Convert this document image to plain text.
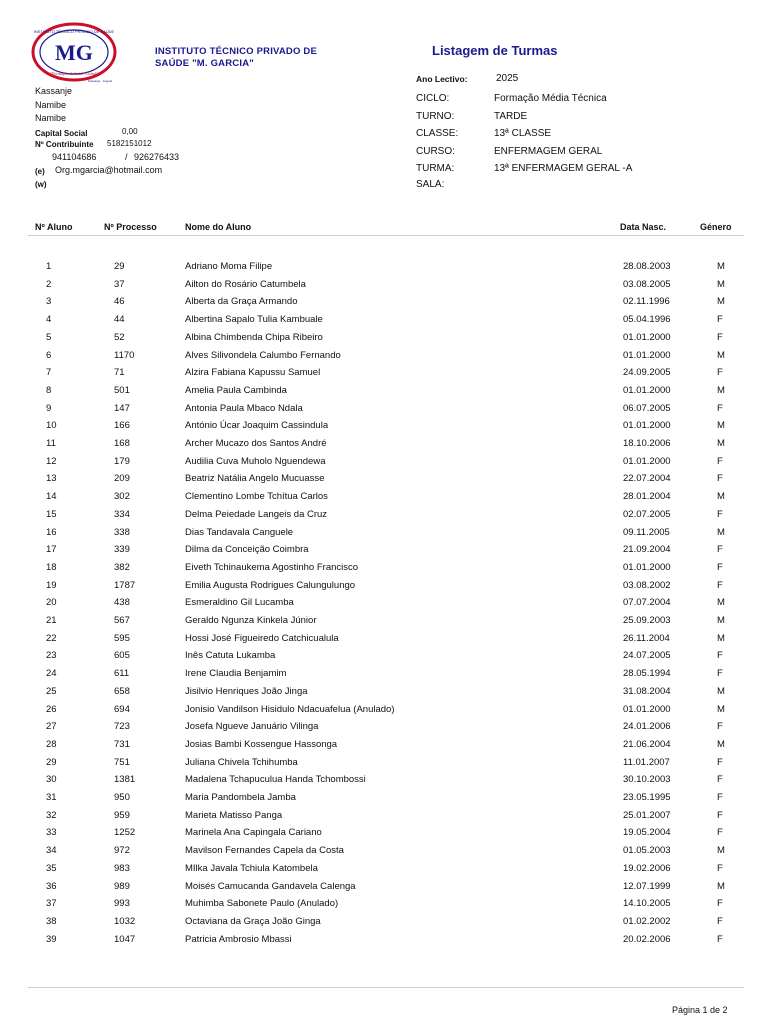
MG
INSTITUTO TÉCNICO PRIVADO DE SAÚDE
"Formação de Saúde Global"
Kassanje · Angola
INSTITUTO TÉCNICO PRIVADO DE
SAÚDE "M. GARCIA"
Listagem de Turmas
Kassanje
Namibe
Namibe
Capital Social	0,00
Nº Contribuinte 5182151012
941104686	/ 926276433
(e) Org.mgarcia@hotmail.com
(w)
Ano Lectivo:	2025
CICLO:	Formação Média Técnica
TURNO:	TARDE
CLASSE:	13ª CLASSE
CURSO:	ENFERMAGEM GERAL
TURMA:	13ª ENFERMAGEM GERAL -A
SALA:
Nº Aluno	Nº Processo	Nome do Aluno	Data Nasc.	Género
1	29	Adriano Moma Filipe	28.08.2003	M
2	37	Ailton do Rosário Catumbela	03.08.2005	M
3	46	Alberta da Graça Armando	02.11.1996	M
4	44	Albertina Sapalo Tulia Kambuale	05.04.1996	F
5	52	Albina Chimbenda Chipa Ribeiro	01.01.2000	F
6	1170	Alves Silivondela Calumbo Fernando	01.01.2000	M
7	71	Alzira Fabiana Kapussu Samuel	24.09.2005	F
8	501	Amelia Paula Cambinda	01.01.2000	M
9	147	Antonia Paula Mbaco Ndala	06.07.2005	F
10	166	António Úcar Joaquim Cassindula	01.01.2000	M
11	168	Archer Mucazo dos Santos André	18.10.2006	M
12	179	Audilia Cuva Muholo Nguendewa	01.01.2000	F
13	209	Beatriz Natália Angelo Mucuasse	22.07.2004	F
14	302	Clementino Lombe Tchítua Carlos	28.01.2004	M
15	334	Delma Peiedade Langeis da Cruz	02.07.2005	F
16	338	Dias Tandavala Canguele	09.11.2005	M
17	339	Dilma da Conceição Coimbra	21.09.2004	F
18	382	Eiveth Tchinaukema Agostinho Francisco	01.01.2000	F
19	1787	Emilia Augusta Rodrigues Calungulungo	03.08.2002	F
20	438	Esmeraldino Gil Lucamba	07.07.2004	M
21	567	Geraldo Ngunza Kinkela Júnior	25.09.2003	M
22	595	Hossi José Figueiredo Catchicualula	26.11.2004	M
23	605	Inês Catuta Lukamba	24.07.2005	F
24	611	Irene Claudia Benjamim	28.05.1994	F
25	658	Jisilvio Henriques João Jinga	31.08.2004	M
26	694	Jonisio Vandilson Hisidulo Ndacuafelua (Anulado)	01.01.2000	M
27	723	Josefa Ngueve Januário Vilinga	24.01.2006	F
28	731	Josias Bambi Kossengue Hassonga	21.06.2004	M
29	751	Juliana Chivela Tchihumba	11.01.2007	F
30	1381	Madalena Tchapuculua Handa Tchombossi	30.10.2003	F
31	950	Maria Pandombela Jamba	23.05.1995	F
32	959	Marieta Matisso Panga	25.01.2007	F
33	1252	Marinela Ana Capingala Cariano	19.05.2004	F
34	972	Mavilson Fernandes Capela da Costa	01.05.2003	M
35	983	MIlka Javala Tchiula Katombela	19.02.2006	F
36	989	Moisés Camucanda Gandavela Calenga	12.07.1999	M
37	993	Muhimba Sabonete Paulo (Anulado)	14.10.2005	F
38	1032	Octaviana da Graça João Ginga	01.02.2002	F
39	1047	Patricia Ambrosio Mbassi	20.02.2006	F
Página 1 de 2
